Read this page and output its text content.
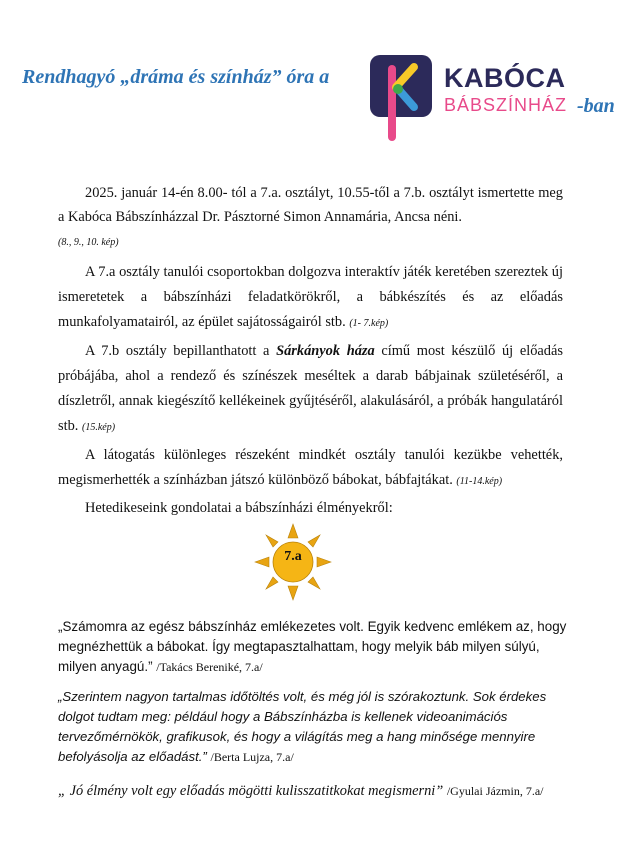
Rendhagyó „dráma és színház” óra a	KABÓCA
BÁBSZÍNHÁZ -ban

2025. január 14-én 8.00- tól a 7.a. osztályt, 10.55-től a 7.b. osztályt ismertette meg a Kabóca Bábszínházzal Dr. Pásztorné Simon Annamária, Ancsa néni.
(8., 9., 10. kép)

A 7.a osztály tanulói csoportokban dolgozva interaktív játék keretében szereztek új ismeretetek a bábszínházi feladatkörökről, a bábkészítés és az előadás munkafolyamatairól, az épület sajátosságairól stb. (1- 7.kép)

A 7.b osztály bepillanthatott a Sárkányok háza című most készülő új előadás próbájába, ahol a rendező és színészek meséltek a darab bábjainak születéséről, a díszletről, annak kiegészítő kellékeinek gyűjtéséről, alakulásáról, a próbák hangulatáról stb. (15.kép)

A látogatás különleges részeként mindkét osztály tanulói kezükbe vehették, megismerhették a színházban játszó különböző bábokat, bábfajtákat. (11-14.kép)

Hetedikeseink gondolatai a bábszínházi élményekről:

7.a

„Számomra az egész bábszínház emlékezetes volt. Egyik kedvenc emlékem az, hogy megnézhettük a bábokat. Így megtapasztalhattam, hogy melyik báb milyen súlyú, milyen anyagú.” /Takács Bereniké, 7.a/

„Szerintem nagyon tartalmas időtöltés volt, és még jól is szórakoztunk. Sok érdekes dolgot tudtam meg: például hogy a Bábszínházba is kellenek videoanimációs tervezőmérnökök, grafikusok, és hogy a világítás meg a hang minősége mennyire befolyásolja az előadást.” /Berta Lujza, 7.a/

„ Jó élmény volt egy előadás mögötti kulisszatitkokat megismerni” /Gyulai Jázmin, 7.a/
